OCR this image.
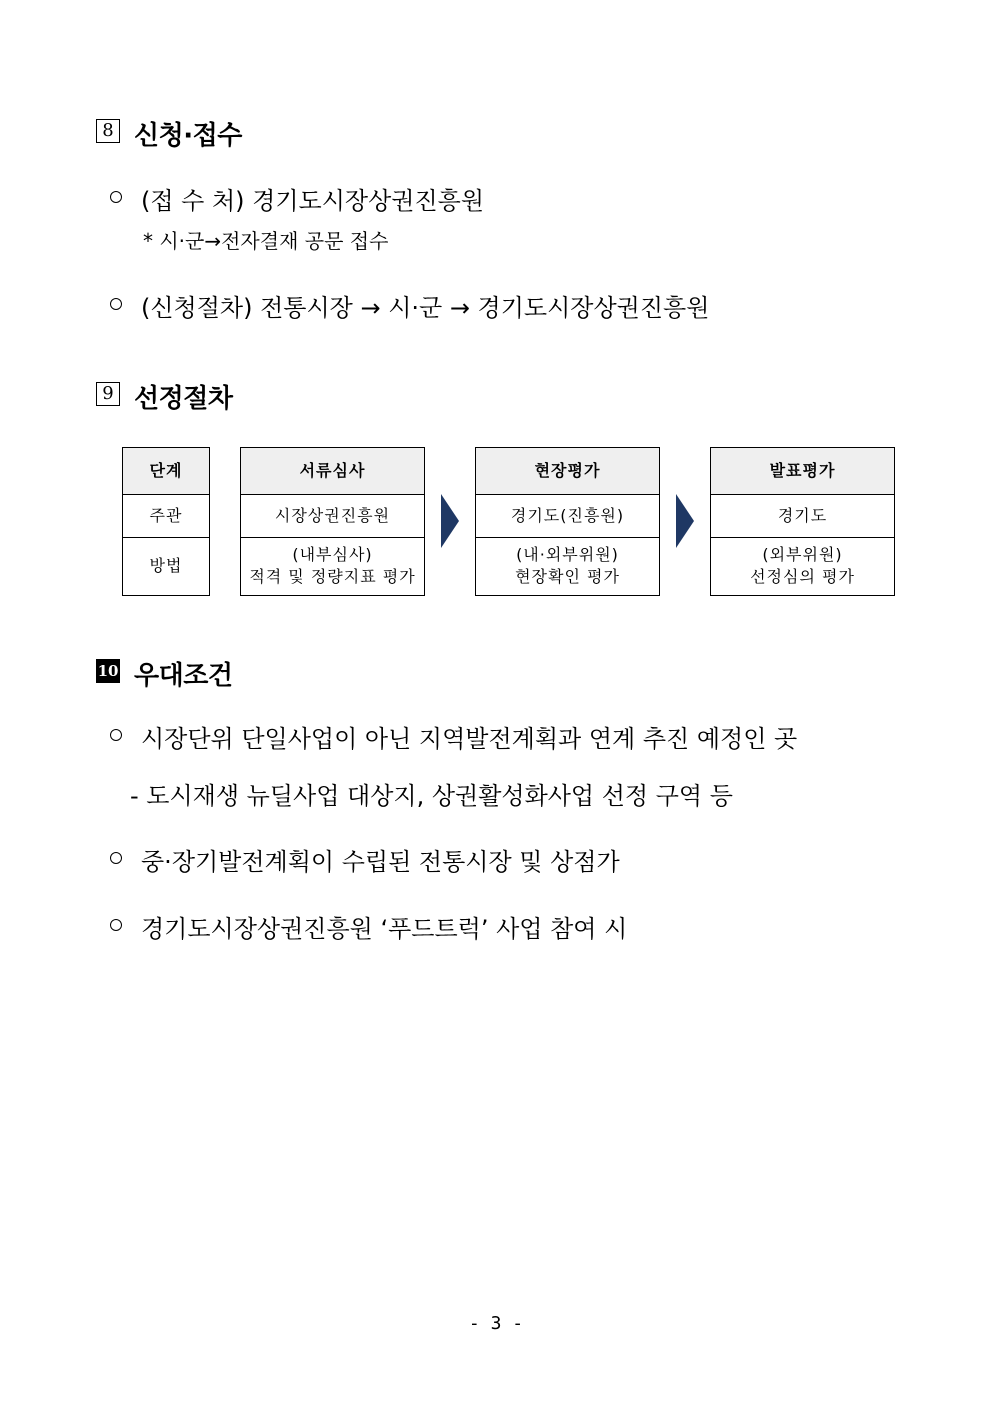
8 신청·접수
(접 수 처) 경기도시장상권진흥원
* 시·군→전자결재 공문 접수
(신청절차) 전통시장 → 시·군 → 경기도시장상권진흥원
9 선정절차
단계
주관
방법
서류심사
시장상권진흥원
(내부심사)
적격 및 정량지표 평가
현장평가
경기도(진흥원)
(내·외부위원)
현장확인 평가
발표평가
경기도
(외부위원)
선정심의 평가
10 우대조건
시장단위 단일사업이 아닌 지역발전계획과 연계 추진 예정인 곳
- 도시재생 뉴딜사업 대상지, 상권활성화사업 선정 구역 등
중·장기발전계획이 수립된 전통시장 및 상점가
경기도시장상권진흥원 ‘푸드트럭’ 사업 참여 시
- 3 -
